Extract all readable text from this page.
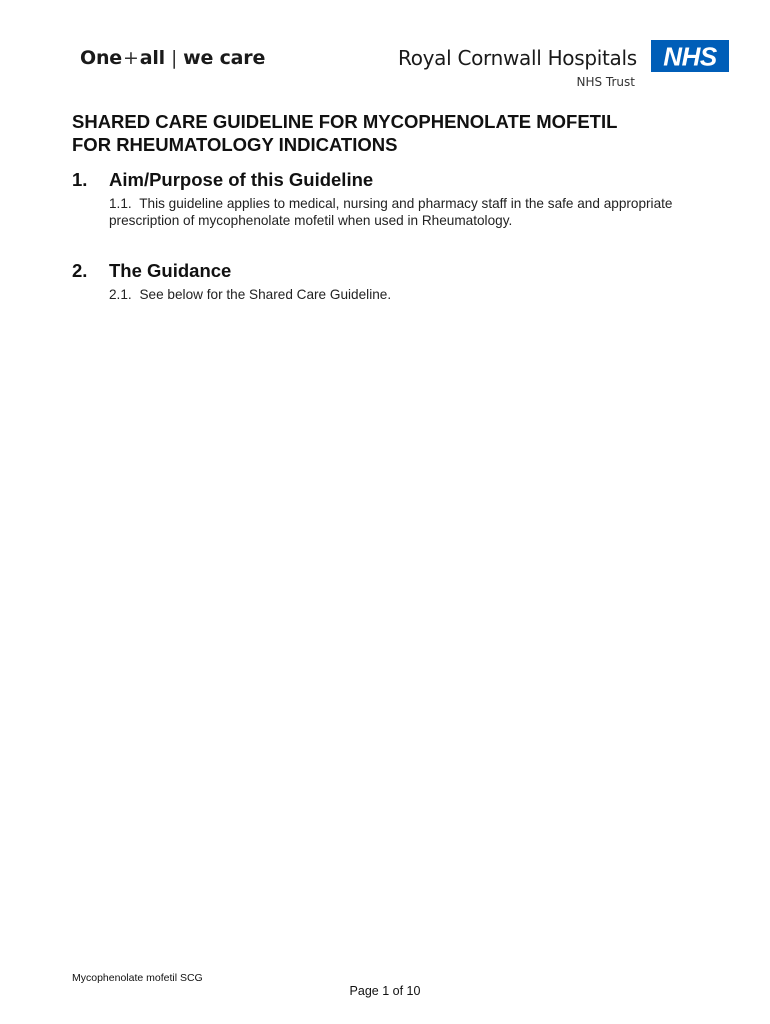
One+all | we care	Royal Cornwall Hospitals
NHS Trust
NHS
SHARED CARE GUIDELINE FOR MYCOPHENOLATE MOFETIL
FOR RHEUMATOLOGY INDICATIONS
1. Aim/Purpose of this Guideline

1.1. This guideline applies to medical, nursing and pharmacy staff in the safe and appropriate prescription of mycophenolate mofetil when used in Rheumatology.

2. The Guidance

2.1. See below for the Shared Care Guideline.

Mycophenolate mofetil SCG
Page 1 of 10
